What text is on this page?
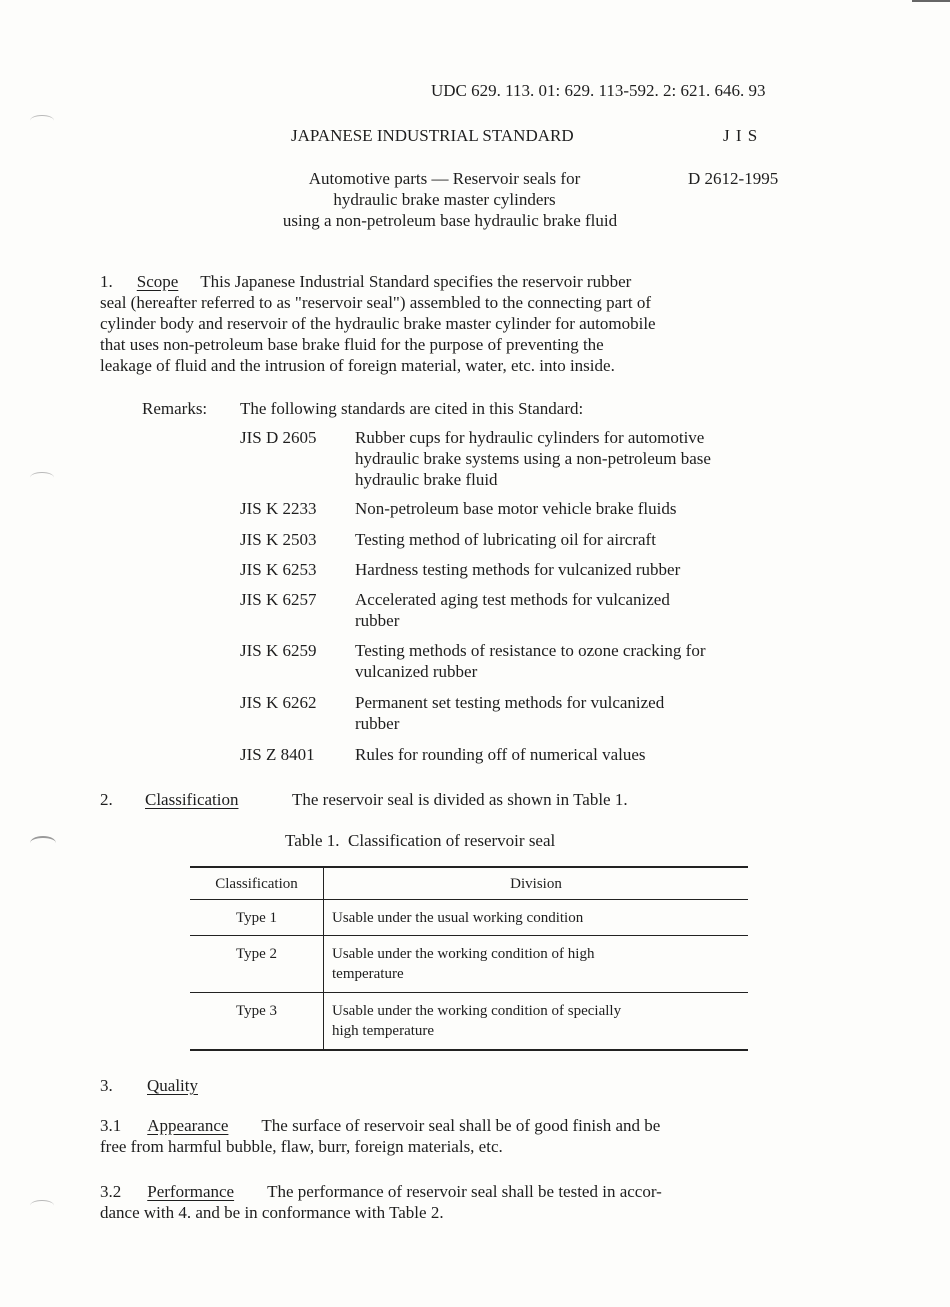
UDC 629. 113. 01: 629. 113-592. 2: 621. 646. 93
JAPANESE INDUSTRIAL STANDARD	J I S
Automotive parts — Reservoir seals for
hydraulic brake master cylinders
using a non-petroleum base hydraulic brake fluid
D 2612-1995
1. Scope This Japanese Industrial Standard specifies the reservoir rubber
seal (hereafter referred to as "reservoir seal") assembled to the connecting part of
cylinder body and reservoir of the hydraulic brake master cylinder for automobile
that uses non-petroleum base brake fluid for the purpose of preventing the
leakage of fluid and the intrusion of foreign material, water, etc. into inside.
Remarks: The following standards are cited in this Standard:
JIS D 2605 Rubber cups for hydraulic cylinders for automotive
hydraulic brake systems using a non-petroleum base
hydraulic brake fluid
JIS K 2233 Non-petroleum base motor vehicle brake fluids
JIS K 2503 Testing method of lubricating oil for aircraft
JIS K 6253 Hardness testing methods for vulcanized rubber
JIS K 6257 Accelerated aging test methods for vulcanized
rubber
JIS K 6259 Testing methods of resistance to ozone cracking for
vulcanized rubber
JIS K 6262 Permanent set testing methods for vulcanized
rubber
JIS Z 8401 Rules for rounding off of numerical values
2. Classification	The reservoir seal is divided as shown in Table 1.
Table 1.  Classification of reservoir seal
Classification	Division
Type 1	Usable under the usual working condition

Type 2	Usable under the working condition of high
temperature

Type 3	Usable under the working condition of specially
high temperature
3. Quality
3.1 Appearance The surface of reservoir seal shall be of good finish and be
free from harmful bubble, flaw, burr, foreign materials, etc.
3.2 Performance The performance of reservoir seal shall be tested in accor-
dance with 4. and be in conformance with Table 2.
